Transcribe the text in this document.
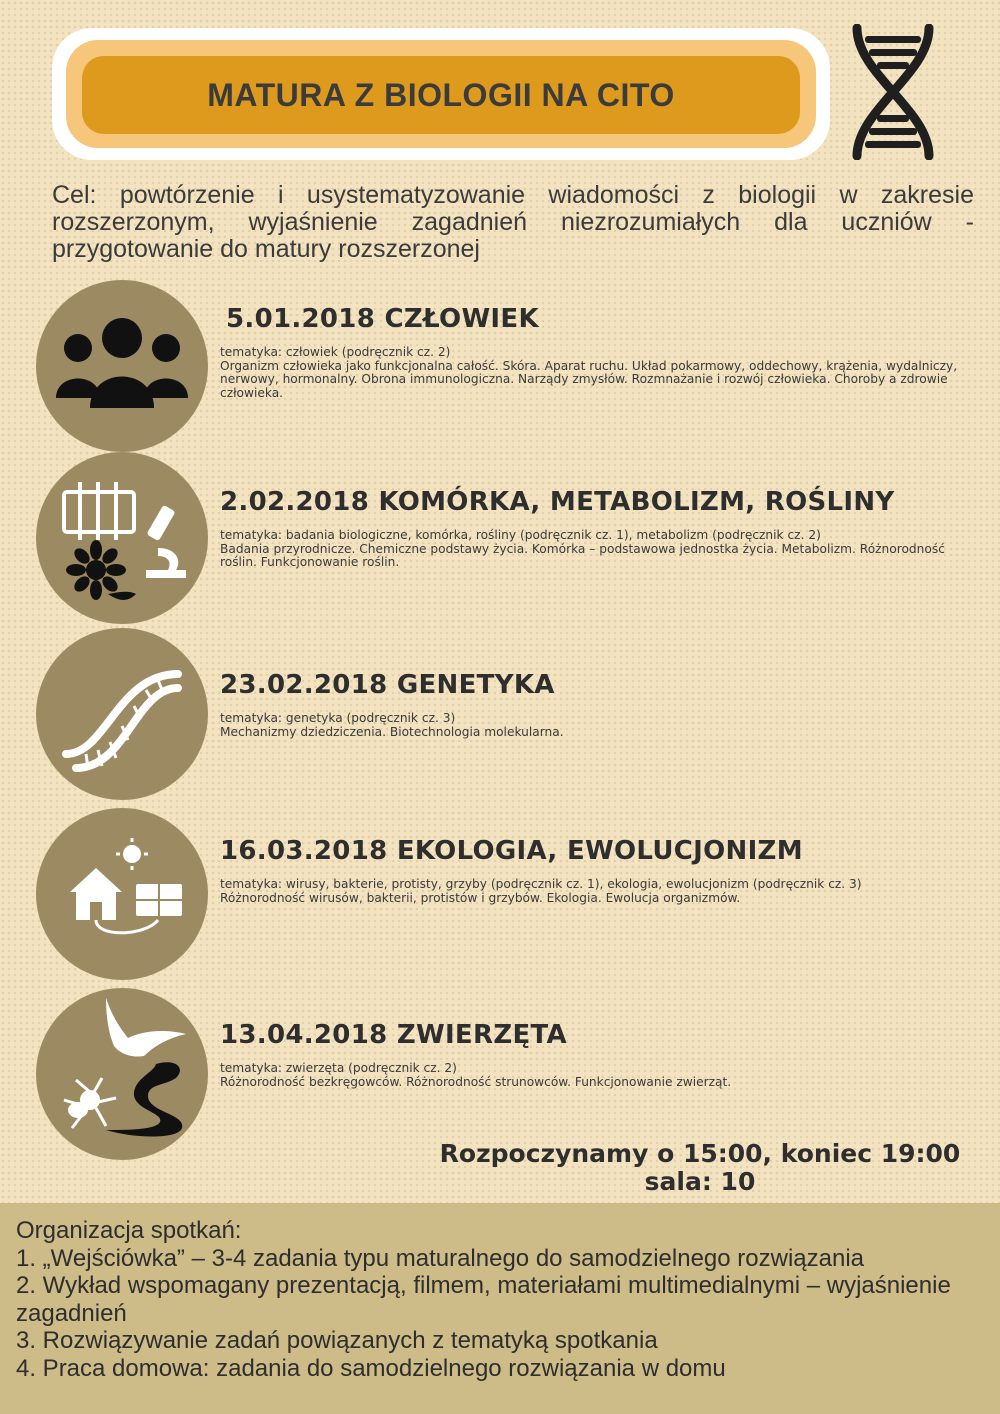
MATURA Z BIOLOGII NA CITO
Cel: powtórzenie i usystematyzowanie wiadomości z biologii w zakresie rozszerzonym, wyjaśnienie zagadnień niezrozumiałych dla uczniów - przygotowanie do matury rozszerzonej
5.01.2018 CZŁOWIEK
tematyka: człowiek (podręcznik cz. 2)
Organizm człowieka jako funkcjonalna całość. Skóra. Aparat ruchu. Układ pokarmowy, oddechowy, krążenia, wydalniczy, nerwowy, hormonalny. Obrona immunologiczna. Narządy zmysłów. Rozmnażanie i rozwój człowieka. Choroby a zdrowie człowieka.
2.02.2018 KOMÓRKA, METABOLIZM, ROŚLINY
tematyka: badania biologiczne, komórka, rośliny (podręcznik cz. 1), metabolizm (podręcznik cz. 2)
Badania przyrodnicze. Chemiczne podstawy życia. Komórka – podstawowa jednostka życia. Metabolizm. Różnorodność roślin. Funkcjonowanie roślin.
23.02.2018 GENETYKA
tematyka: genetyka (podręcznik cz. 3)
Mechanizmy dziedziczenia. Biotechnologia molekularna.
16.03.2018 EKOLOGIA, EWOLUCJONIZM
tematyka: wirusy, bakterie, protisty, grzyby (podręcznik cz. 1), ekologia, ewolucjonizm (podręcznik cz. 3)
Różnorodność wirusów, bakterii, protistów i grzybów. Ekologia. Ewolucja organizmów.
13.04.2018 ZWIERZĘTA
tematyka: zwierzęta (podręcznik cz. 2)
Różnorodność bezkręgowców. Różnorodność strunowców. Funkcjonowanie zwierząt.
Rozpoczynamy o 15:00, koniec 19:00
sala: 10
Organizacja spotkań:
1. „Wejściówka” – 3-4 zadania typu maturalnego do samodzielnego rozwiązania
2. Wykład wspomagany prezentacją, filmem, materiałami multimedialnymi – wyjaśnienie zagadnień
3. Rozwiązywanie zadań powiązanych z tematyką spotkania
4. Praca domowa: zadania do samodzielnego rozwiązania w domu
